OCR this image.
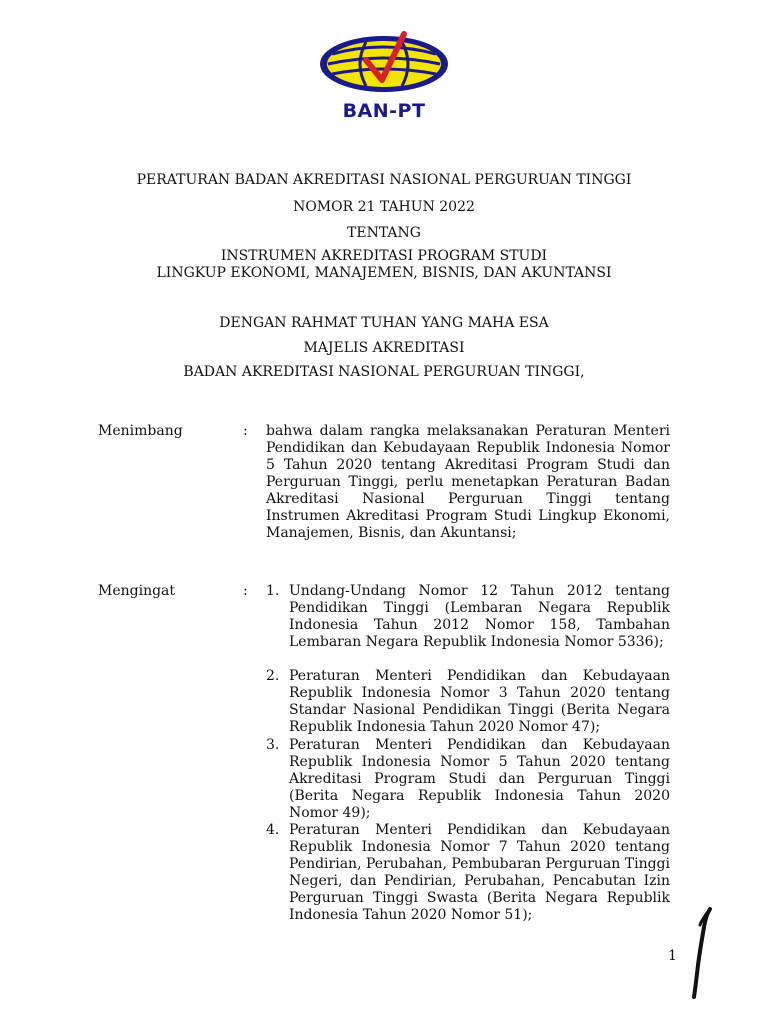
BAN-PT
PERATURAN BADAN AKREDITASI NASIONAL PERGURUAN TINGGI
NOMOR 21 TAHUN 2022
TENTANG
INSTRUMEN AKREDITASI PROGRAM STUDI
LINGKUP EKONOMI, MANAJEMEN, BISNIS, DAN AKUNTANSI
DENGAN RAHMAT TUHAN YANG MAHA ESA
MAJELIS AKREDITASI
BADAN AKREDITASI NASIONAL PERGURUAN TINGGI,
Menimbang	: bahwa dalam rangka melaksanakan Peraturan Menteri Pendidikan dan Kebudayaan Republik Indonesia Nomor 5 Tahun 2020 tentang Akreditasi Program Studi dan Perguruan Tinggi, perlu menetapkan Peraturan Badan Akreditasi Nasional Perguruan Tinggi tentang Instrumen Akreditasi Program Studi Lingkup Ekonomi, Manajemen, Bisnis, dan Akuntansi;
Mengingat	: 1. Undang-Undang Nomor 12 Tahun 2012 tentang Pendidikan Tinggi (Lembaran Negara Republik Indonesia Tahun 2012 Nomor 158, Tambahan Lembaran Negara Republik Indonesia Nomor 5336);
2. Peraturan Menteri Pendidikan dan Kebudayaan Republik Indonesia Nomor 3 Tahun 2020 tentang Standar Nasional Pendidikan Tinggi (Berita Negara Republik Indonesia Tahun 2020 Nomor 47);
3. Peraturan Menteri Pendidikan dan Kebudayaan Republik Indonesia Nomor 5 Tahun 2020 tentang Akreditasi Program Studi dan Perguruan Tinggi (Berita Negara Republik Indonesia Tahun 2020 Nomor 49);
4. Peraturan Menteri Pendidikan dan Kebudayaan Republik Indonesia Nomor 7 Tahun 2020 tentang Pendirian, Perubahan, Pembubaran Perguruan Tinggi Negeri, dan Pendirian, Perubahan, Pencabutan Izin Perguruan Tinggi Swasta (Berita Negara Republik Indonesia Tahun 2020 Nomor 51);
1
